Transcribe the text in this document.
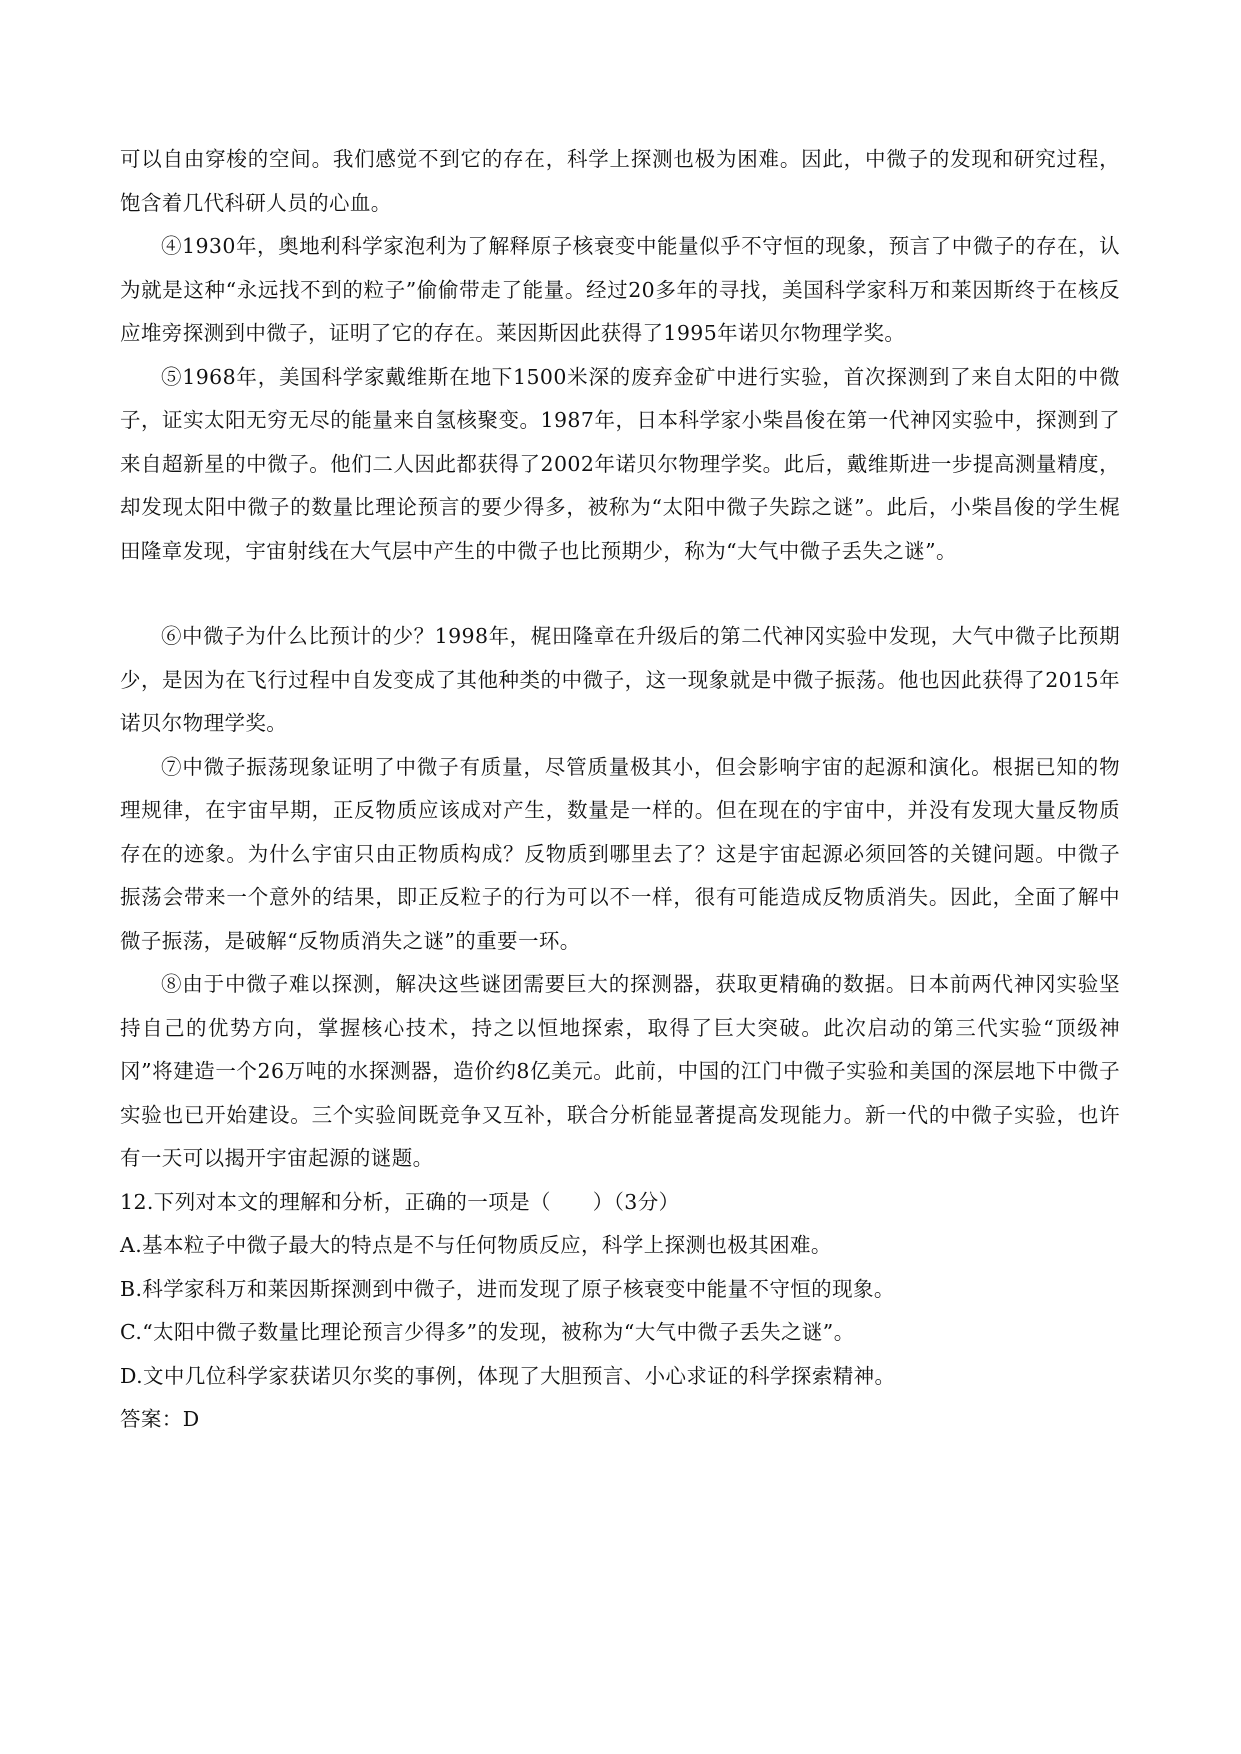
可以自由穿梭的空间。我们感觉不到它的存在，科学上探测也极为困难。因此，中微子的发现和研究过程，饱含着几代科研人员的心血。

④1930年，奥地利科学家泡利为了解释原子核衰变中能量似乎不守恒的现象，预言了中微子的存在，认为就是这种“永远找不到的粒子”偷偷带走了能量。经过20多年的寻找，美国科学家科万和莱因斯终于在核反应堆旁探测到中微子，证明了它的存在。莱因斯因此获得了1995年诺贝尔物理学奖。

⑤1968年，美国科学家戴维斯在地下1500米深的废弃金矿中进行实验，首次探测到了来自太阳的中微子，证实太阳无穷无尽的能量来自氢核聚变。1987年，日本科学家小柴昌俊在第一代神冈实验中，探测到了来自超新星的中微子。他们二人因此都获得了2002年诺贝尔物理学奖。此后，戴维斯进一步提高测量精度，却发现太阳中微子的数量比理论预言的要少得多，被称为“太阳中微子失踪之谜”。此后，小柴昌俊的学生梶田隆章发现，宇宙射线在大气层中产生的中微子也比预期少，称为“大气中微子丢失之谜”。

⑥中微子为什么比预计的少？1998年，梶田隆章在升级后的第二代神冈实验中发现，大气中微子比预期少，是因为在飞行过程中自发变成了其他种类的中微子，这一现象就是中微子振荡。他也因此获得了2015年诺贝尔物理学奖。

⑦中微子振荡现象证明了中微子有质量，尽管质量极其小，但会影响宇宙的起源和演化。根据已知的物理规律，在宇宙早期，正反物质应该成对产生，数量是一样的。但在现在的宇宙中，并没有发现大量反物质存在的迹象。为什么宇宙只由正物质构成？反物质到哪里去了？这是宇宙起源必须回答的关键问题。中微子振荡会带来一个意外的结果，即正反粒子的行为可以不一样，很有可能造成反物质消失。因此，全面了解中微子振荡，是破解“反物质消失之谜”的重要一环。

⑧由于中微子难以探测，解决这些谜团需要巨大的探测器，获取更精确的数据。日本前两代神冈实验坚持自己的优势方向，掌握核心技术，持之以恒地探索，取得了巨大突破。此次启动的第三代实验“顶级神冈”将建造一个26万吨的水探测器，造价约8亿美元。此前，中国的江门中微子实验和美国的深层地下中微子实验也已开始建设。三个实验间既竞争又互补，联合分析能显著提高发现能力。新一代的中微子实验，也许有一天可以揭开宇宙起源的谜题。

12.下列对本文的理解和分析，正确的一项是（　　）（3分）

A.基本粒子中微子最大的特点是不与任何物质反应，科学上探测也极其困难。

B.科学家科万和莱因斯探测到中微子，进而发现了原子核衰变中能量不守恒的现象。

C.“太阳中微子数量比理论预言少得多”的发现，被称为“大气中微子丢失之谜”。

D.文中几位科学家获诺贝尔奖的事例，体现了大胆预言、小心求证的科学探索精神。

答案：D
